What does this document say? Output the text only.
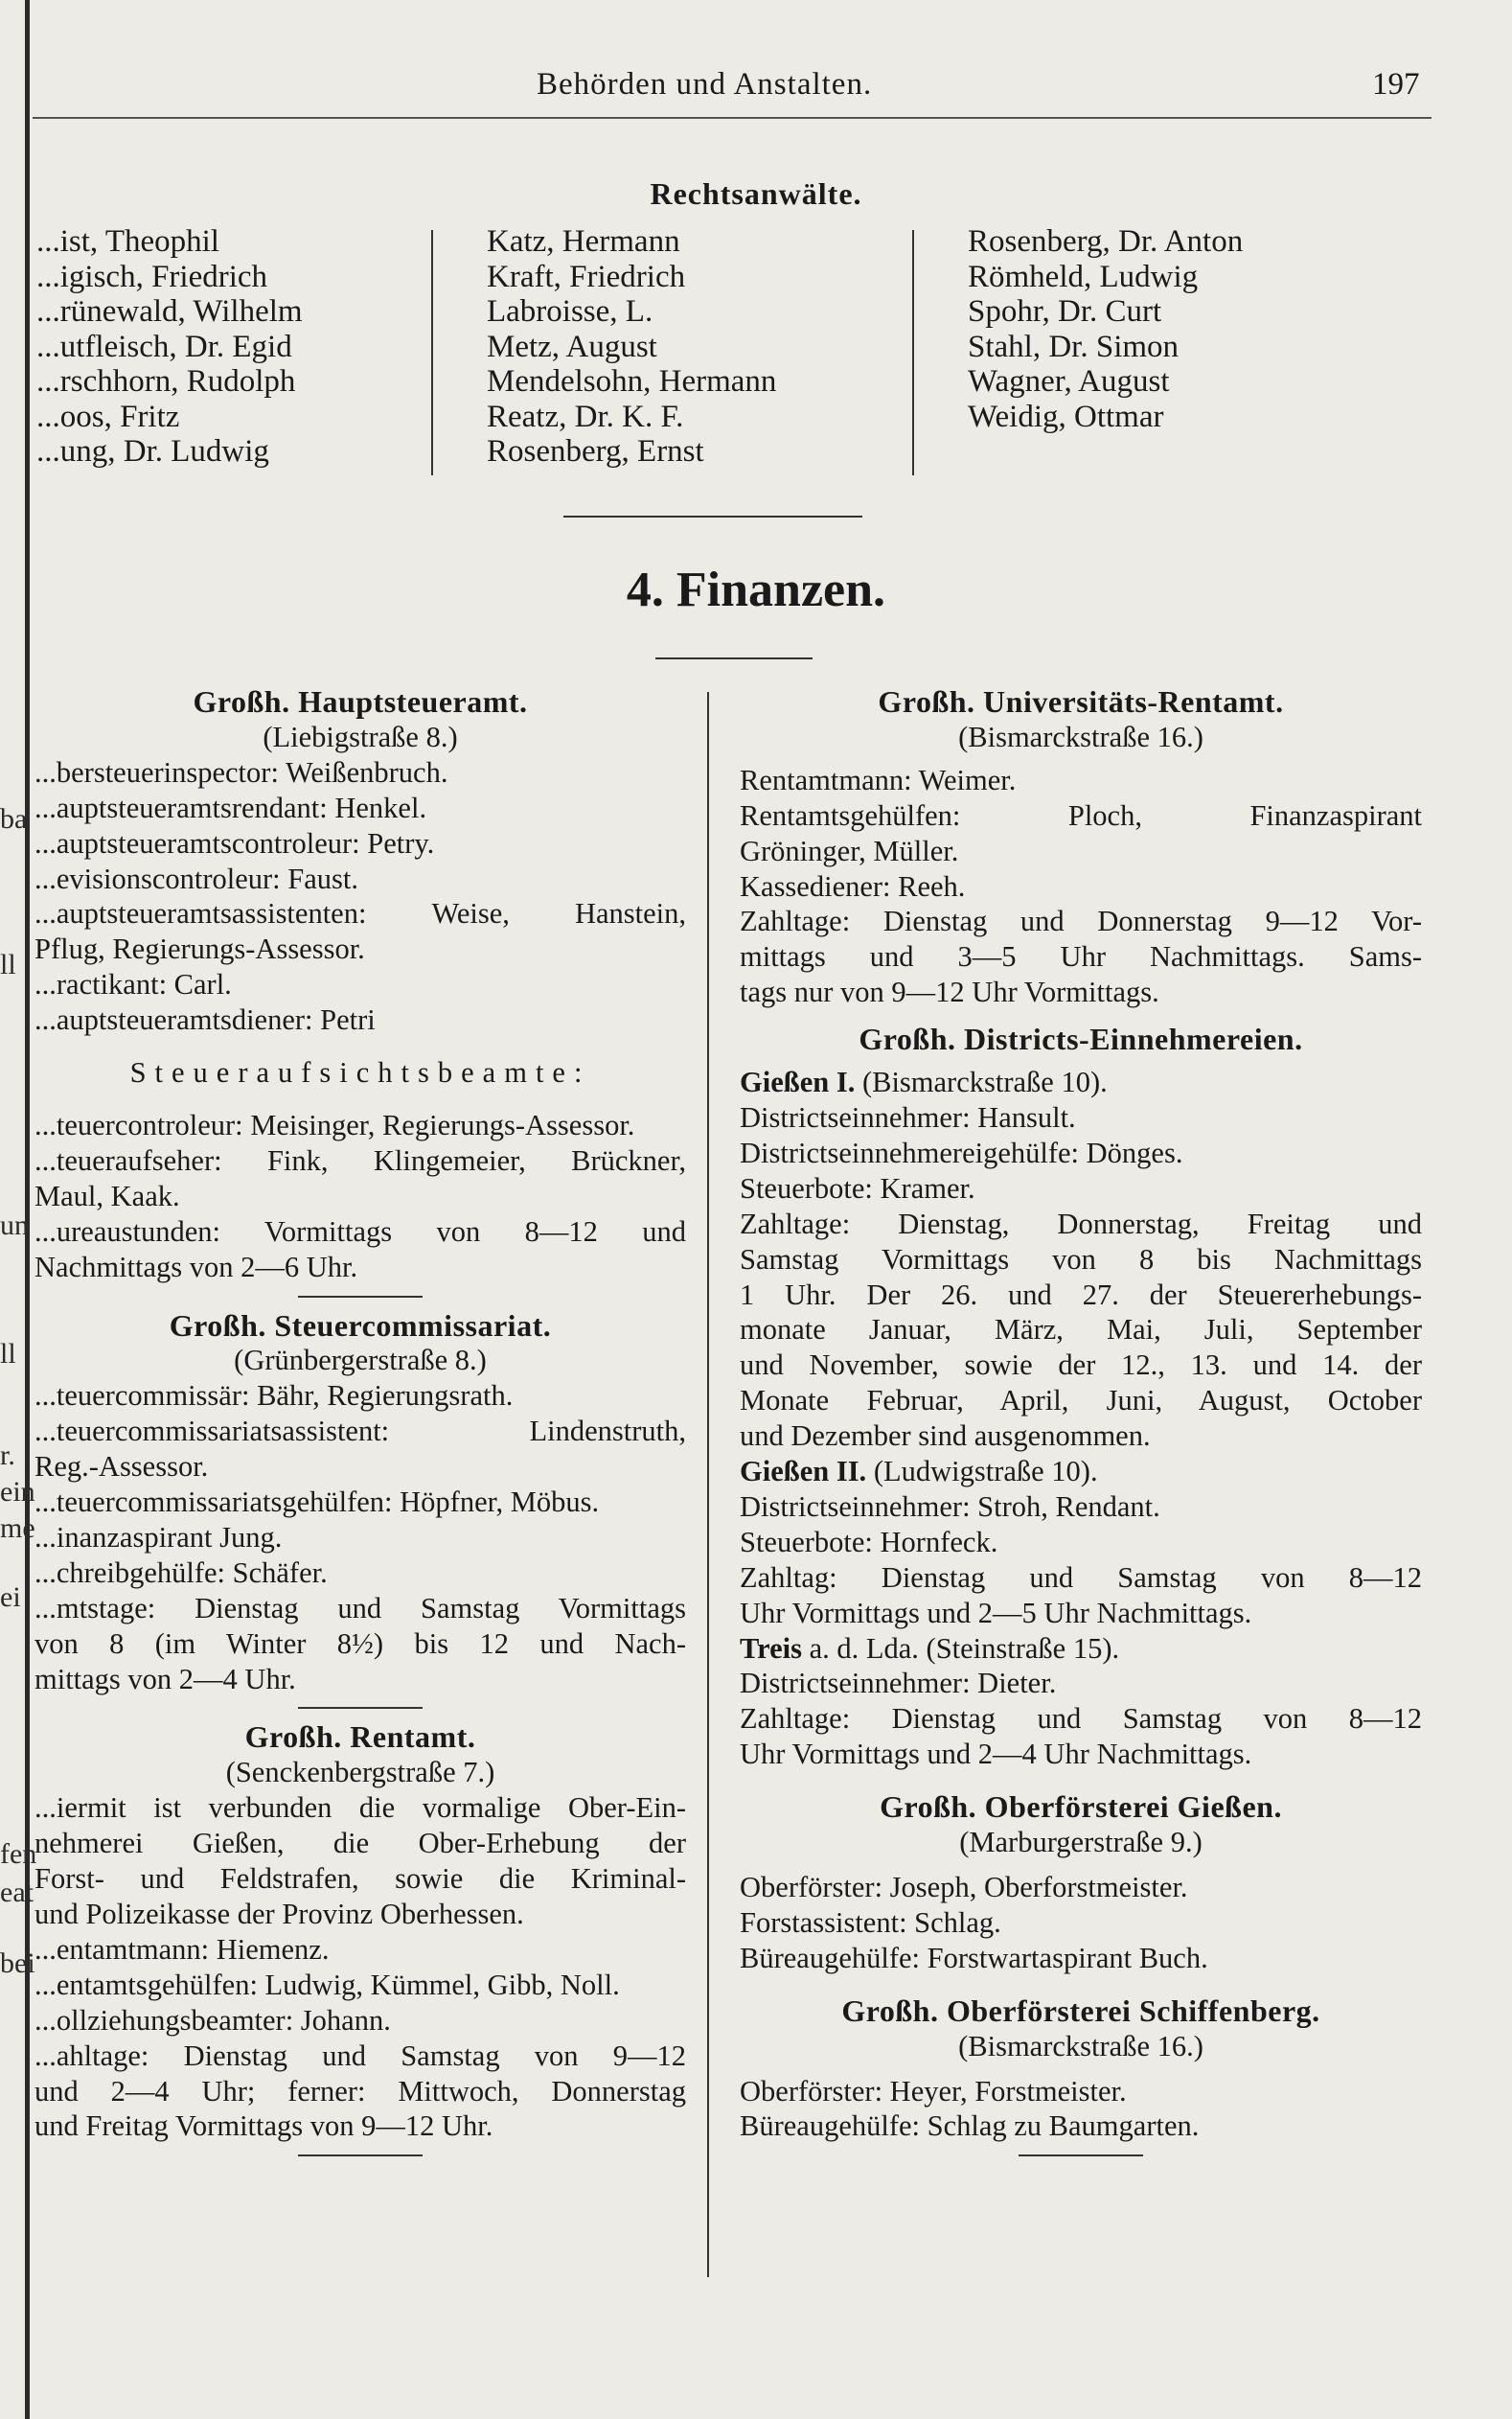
ba
ll
un
ll
r.
ein
me
ei
fen
eat
bei
Behörden und Anstalten.	197
Rechtsanwälte.
...ist, Theophil
...igisch, Friedrich
...rünewald, Wilhelm
...utfleisch, Dr. Egid
...rschhorn, Rudolph
...oos, Fritz
...ung, Dr. Ludwig
Katz, Hermann
Kraft, Friedrich
Labroisse, L.
Metz, August
Mendelsohn, Hermann
Reatz, Dr. K. F.
Rosenberg, Ernst
Rosenberg, Dr. Anton
Römheld, Ludwig
Spohr, Dr. Curt
Stahl, Dr. Simon
Wagner, August
Weidig, Ottmar
4. Finanzen.
Großh. Hauptsteueramt.
(Liebigstraße 8.)
...bersteuerinspector: Weißenbruch.
...auptsteueramtsrendant: Henkel.
...auptsteueramtscontroleur: Petry.
...evisionscontroleur: Faust.
...auptsteueramtsassistenten: Weise, Hanstein,
Pflug, Regierungs-Assessor.
...ractikant: Carl.
...auptsteueramtsdiener: Petri
Steueraufsichtsbeamte:
...teuercontroleur: Meisinger, Regierungs-Assessor.
...teueraufseher: Fink, Klingemeier, Brückner,
Maul, Kaak.
...ureaustunden: Vormittags von 8—12 und
Nachmittags von 2—6 Uhr.
Großh. Steuercommissariat.
(Grünbergerstraße 8.)
...teuercommissär: Bähr, Regierungsrath.
...teuercommissariatsassistent: Lindenstruth,
Reg.-Assessor.
...teuercommissariatsgehülfen: Höpfner, Möbus.
...inanzaspirant Jung.
...chreibgehülfe: Schäfer.
...mtstage: Dienstag und Samstag Vormittags
von 8 (im Winter 8½) bis 12 und Nach-
mittags von 2—4 Uhr.
Großh. Rentamt.
(Senckenbergstraße 7.)
...iermit ist verbunden die vormalige Ober-Ein-
nehmerei Gießen, die Ober-Erhebung der
Forst- und Feldstrafen, sowie die Kriminal-
und Polizeikasse der Provinz Oberhessen.
...entamtmann: Hiemenz.
...entamtsgehülfen: Ludwig, Kümmel, Gibb, Noll.
...ollziehungsbeamter: Johann.
...ahltage: Dienstag und Samstag von 9—12
und 2—4 Uhr; ferner: Mittwoch, Donnerstag
und Freitag Vormittags von 9—12 Uhr.
Großh. Universitäts-Rentamt.
(Bismarckstraße 16.)
Rentamtmann: Weimer.
Rentamtsgehülfen: Ploch, Finanzaspirant
Gröninger, Müller.
Kassediener: Reeh.
Zahltage: Dienstag und Donnerstag 9—12 Vor-
mittags und 3—5 Uhr Nachmittags. Sams-
tags nur von 9—12 Uhr Vormittags.
Großh. Districts-Einnehmereien.
Gießen I. (Bismarckstraße 10).
Districtseinnehmer: Hansult.
Districtseinnehmereigehülfe: Dönges.
Steuerbote: Kramer.
Zahltage: Dienstag, Donnerstag, Freitag und
Samstag Vormittags von 8 bis Nachmittags
1 Uhr. Der 26. und 27. der Steuererhebungs-
monate Januar, März, Mai, Juli, September
und November, sowie der 12., 13. und 14. der
Monate Februar, April, Juni, August, October
und Dezember sind ausgenommen.
Gießen II. (Ludwigstraße 10).
Districtseinnehmer: Stroh, Rendant.
Steuerbote: Hornfeck.
Zahltag: Dienstag und Samstag von 8—12
Uhr Vormittags und 2—5 Uhr Nachmittags.
Treis a. d. Lda. (Steinstraße 15).
Districtseinnehmer: Dieter.
Zahltage: Dienstag und Samstag von 8—12
Uhr Vormittags und 2—4 Uhr Nachmittags.
Großh. Oberförsterei Gießen.
(Marburgerstraße 9.)
Oberförster: Joseph, Oberforstmeister.
Forstassistent: Schlag.
Büreaugehülfe: Forstwartaspirant Buch.
Großh. Oberförsterei Schiffenberg.
(Bismarckstraße 16.)
Oberförster: Heyer, Forstmeister.
Büreaugehülfe: Schlag zu Baumgarten.
